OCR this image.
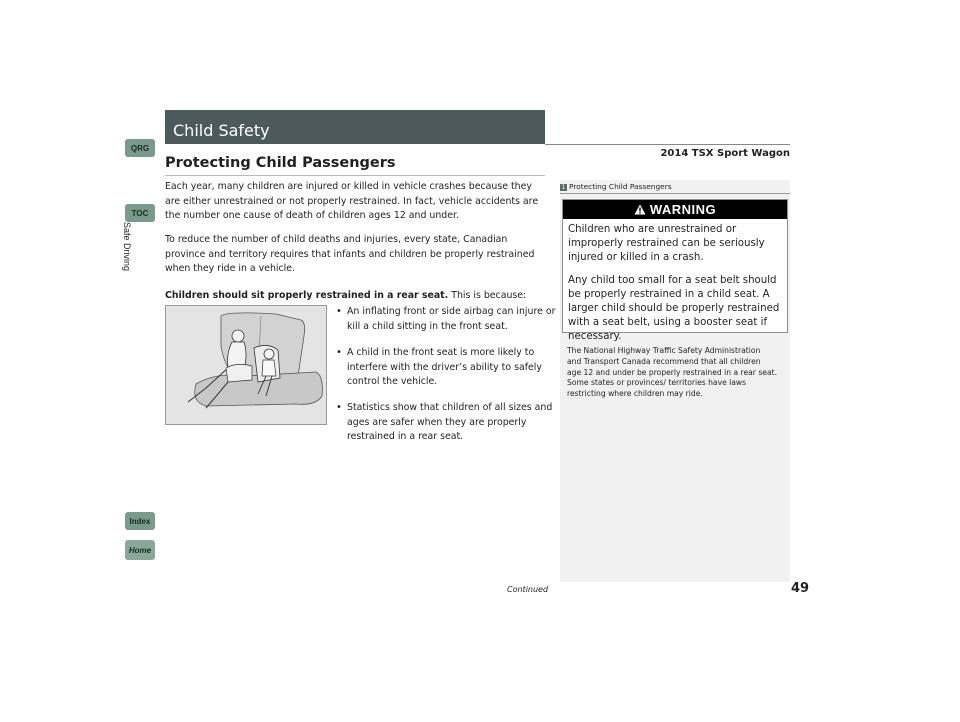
QRG
TOC
Safe Driving
Index
Home
Child Safety
2014 TSX Sport Wagon
Protecting Child Passengers

Each year, many children are injured or killed in vehicle crashes because they are either unrestrained or not properly restrained. In fact, vehicle accidents are the number one cause of death of children ages 12 and under.

To reduce the number of child deaths and injuries, every state, Canadian province and territory requires that infants and children be properly restrained when they ride in a vehicle.

Children should sit properly restrained in a rear seat. This is because:

• An inflating front or side airbag can injure or kill a child sitting in the front seat.
• A child in the front seat is more likely to interfere with the driver’s ability to safely control the vehicle.
• Statistics show that children of all sizes and ages are safer when they are properly restrained in a rear seat.
1 Protecting Child Passengers
WARNING
Children who are unrestrained or improperly restrained can be seriously injured or killed in a crash.
Any child too small for a seat belt should be properly restrained in a child seat. A larger child should be properly restrained with a seat belt, using a booster seat if necessary.
The National Highway Traffic Safety Administration and Transport Canada recommend that all children age 12 and under be properly restrained in a rear seat. Some states or provinces/ territories have laws restricting where children may ride.
Continued	49
